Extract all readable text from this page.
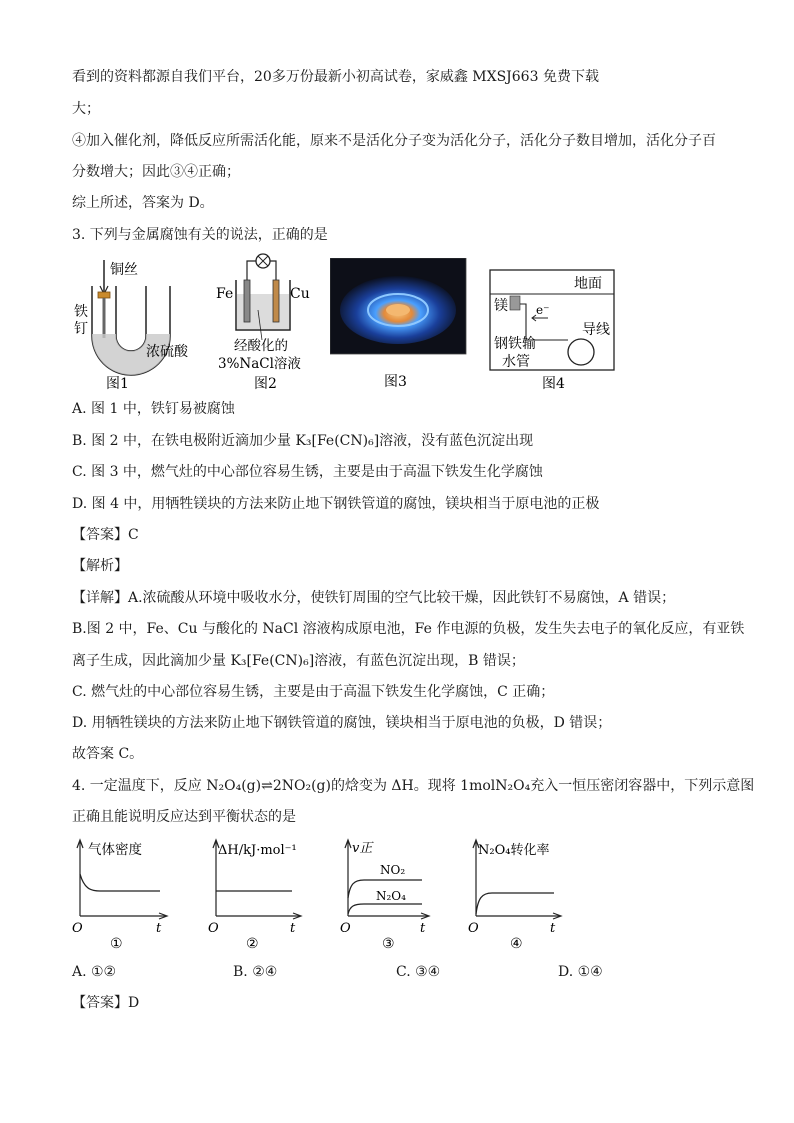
看到的资料都源自我们平台，20多万份最新小初高试卷，家威鑫 MXSJ663 免费下载
大；
④加入催化剂，降低反应所需活化能，原来不是活化分子变为活化分子，活化分子数目增加，活化分子百
分数增大；因此③④正确；
综上所述，答案为 D。
3. 下列与金属腐蚀有关的说法，正确的是
铜丝
铁
钉
浓硫酸
图1
Fe	Cu
经酸化的
3%NaCl溶液
图2	图3
镁
地面
e⁻
导线
钢铁输
水管
图4
A. 图 1 中，铁钉易被腐蚀
B. 图 2 中，在铁电极附近滴加少量 K₃[Fe(CN)₆]溶液，没有蓝色沉淀出现
C. 图 3 中，燃气灶的中心部位容易生锈，主要是由于高温下铁发生化学腐蚀
D. 图 4 中，用牺牲镁块的方法来防止地下钢铁管道的腐蚀，镁块相当于原电池的正极
【答案】C
【解析】
【详解】A.浓硫酸从环境中吸收水分，使铁钉周围的空气比较干燥，因此铁钉不易腐蚀，A 错误；
B.图 2 中，Fe、Cu 与酸化的 NaCl 溶液构成原电池，Fe 作电源的负极，发生失去电子的氧化反应，有亚铁
离子生成，因此滴加少量 K₃[Fe(CN)₆]溶液，有蓝色沉淀出现，B 错误；
C. 燃气灶的中心部位容易生锈，主要是由于高温下铁发生化学腐蚀，C 正确；
D. 用牺牲镁块的方法来防止地下钢铁管道的腐蚀，镁块相当于原电池的负极，D 错误；
故答案 C。
4. 一定温度下，反应 N₂O₄(g)⇌2NO₂(g)的焓变为 ΔH。现将 1molN₂O₄充入一恒压密闭容器中，下列示意图
正确且能说明反应达到平衡状态的是
气体密度
O	t
①
ΔH/kJ·mol⁻¹
O	t
②
v正
NO₂
N₂O₄
O	t
③
N₂O₄转化率
O	t
④
A. ①②	B. ②④	C. ③④	D. ①④
【答案】D
